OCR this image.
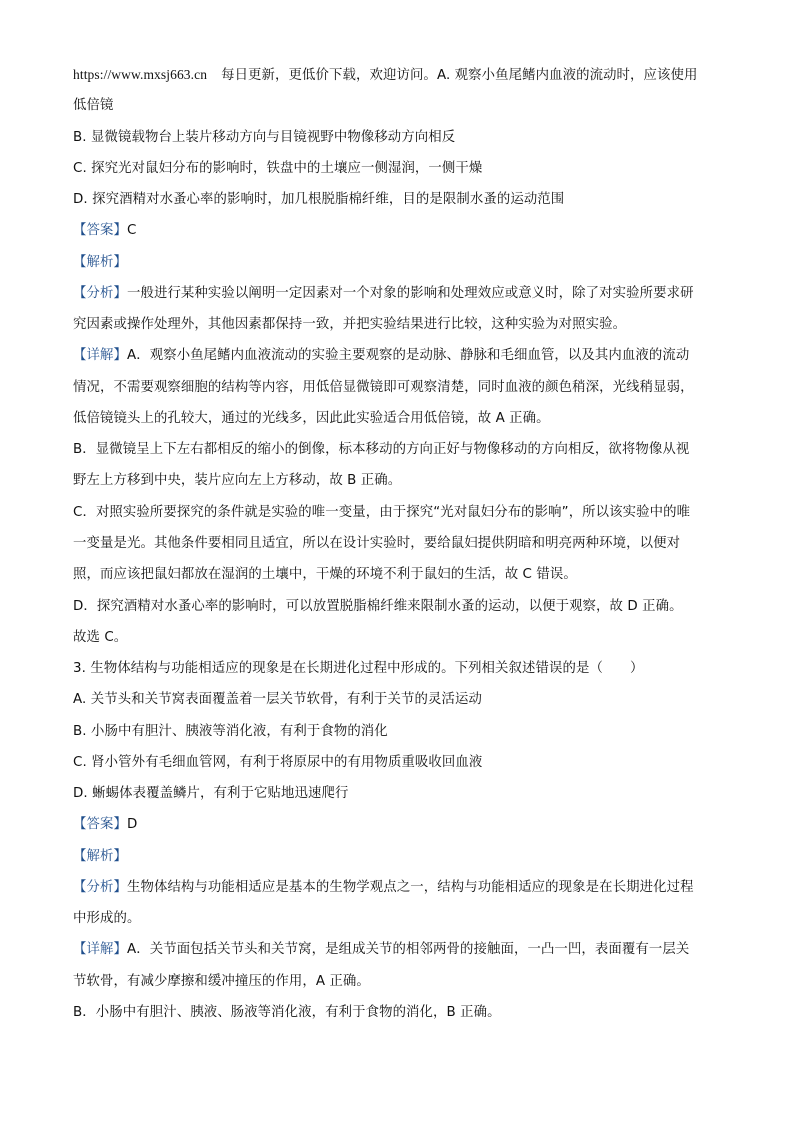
https://www.mxsj663.cn 每日更新，更低价下载，欢迎访问。A. 观察小鱼尾鳍内血液的流动时，应该使用
低倍镜
B. 显微镜载物台上装片移动方向与目镜视野中物像移动方向相反
C. 探究光对鼠妇分布的影响时，铁盘中的土壤应一侧湿润，一侧干燥
D. 探究酒精对水蚤心率的影响时，加几根脱脂棉纤维，目的是限制水蚤的运动范围
【答案】C
【解析】
【分析】一般进行某种实验以阐明一定因素对一个对象的影响和处理效应或意义时，除了对实验所要求研
究因素或操作处理外，其他因素都保持一致，并把实验结果进行比较，这种实验为对照实验。
【详解】A．观察小鱼尾鳍内血液流动的实验主要观察的是动脉、静脉和毛细血管，以及其内血液的流动
情况，不需要观察细胞的结构等内容，用低倍显微镜即可观察清楚，同时血液的颜色稍深，光线稍显弱，
低倍镜镜头上的孔较大，通过的光线多，因此此实验适合用低倍镜，故 A 正确。
B．显微镜呈上下左右都相反的缩小的倒像，标本移动的方向正好与物像移动的方向相反，欲将物像从视
野左上方移到中央，装片应向左上方移动，故 B 正确。
C．对照实验所要探究的条件就是实验的唯一变量，由于探究“光对鼠妇分布的影响”，所以该实验中的唯
一变量是光。其他条件要相同且适宜，所以在设计实验时，要给鼠妇提供阴暗和明亮两种环境，以便对
照，而应该把鼠妇都放在湿润的土壤中，干燥的环境不利于鼠妇的生活，故 C 错误。
D．探究酒精对水蚤心率的影响时，可以放置脱脂棉纤维来限制水蚤的运动，以便于观察，故 D 正确。
故选 C。
3. 生物体结构与功能相适应的现象是在长期进化过程中形成的。下列相关叙述错误的是（　　）
A. 关节头和关节窝表面覆盖着一层关节软骨，有利于关节的灵活运动
B. 小肠中有胆汁、胰液等消化液，有利于食物的消化
C. 肾小管外有毛细血管网，有利于将原尿中的有用物质重吸收回血液
D. 蜥蜴体表覆盖鳞片，有利于它贴地迅速爬行
【答案】D
【解析】
【分析】生物体结构与功能相适应是基本的生物学观点之一，结构与功能相适应的现象是在长期进化过程
中形成的。
【详解】A．关节面包括关节头和关节窝，是组成关节的相邻两骨的接触面，一凸一凹，表面覆有一层关
节软骨，有减少摩擦和缓冲撞压的作用，A 正确。
B．小肠中有胆汁、胰液、肠液等消化液，有利于食物的消化，B 正确。
